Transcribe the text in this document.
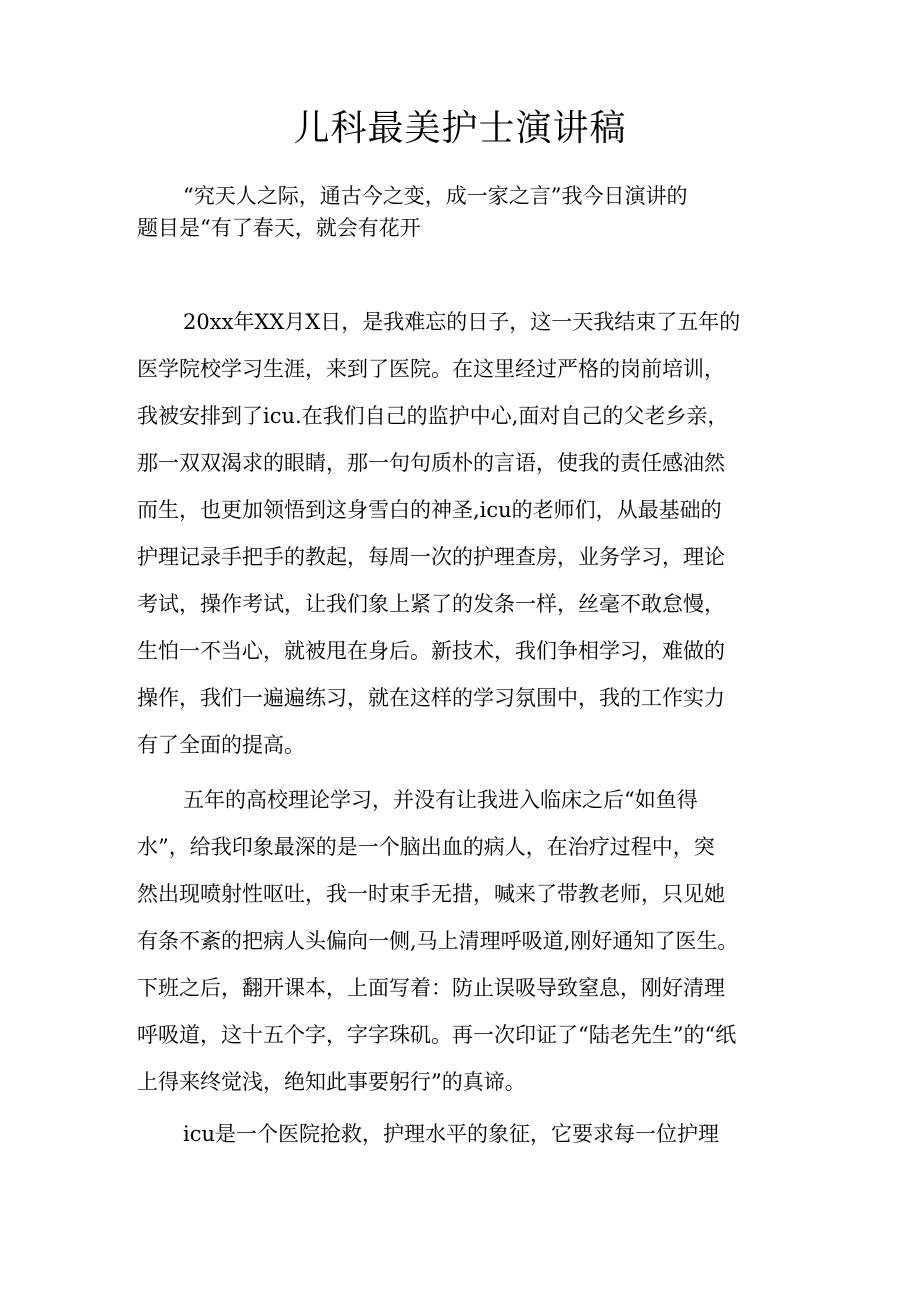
儿科最美护士演讲稿
“究天人之际，通古今之变，成一家之言”我今日演讲的
题目是“有了春天，就会有花开
20xx年XX月X日，是我难忘的日子，这一天我结束了五年的
医学院校学习生涯，来到了医院。在这里经过严格的岗前培训，
我被安排到了icu.在我们自己的监护中心,面对自己的父老乡亲，
那一双双渴求的眼睛，那一句句质朴的言语，使我的责任感油然
而生，也更加领悟到这身雪白的神圣,icu的老师们，从最基础的
护理记录手把手的教起，每周一次的护理查房，业务学习，理论
考试，操作考试，让我们象上紧了的发条一样，丝毫不敢怠慢，
生怕一不当心，就被甩在身后。新技术，我们争相学习，难做的
操作，我们一遍遍练习，就在这样的学习氛围中，我的工作实力
有了全面的提高。
五年的高校理论学习，并没有让我进入临床之后“如鱼得
水”，给我印象最深的是一个脑出血的病人，在治疗过程中，突
然出现喷射性呕吐，我一时束手无措，喊来了带教老师，只见她
有条不紊的把病人头偏向一侧,马上清理呼吸道,刚好通知了医生。
下班之后，翻开课本，上面写着：防止误吸导致窒息，刚好清理
呼吸道，这十五个字，字字珠矶。再一次印证了“陆老先生”的“纸
上得来终觉浅，绝知此事要躬行”的真谛。
icu是一个医院抢救，护理水平的象征，它要求每一位护理
